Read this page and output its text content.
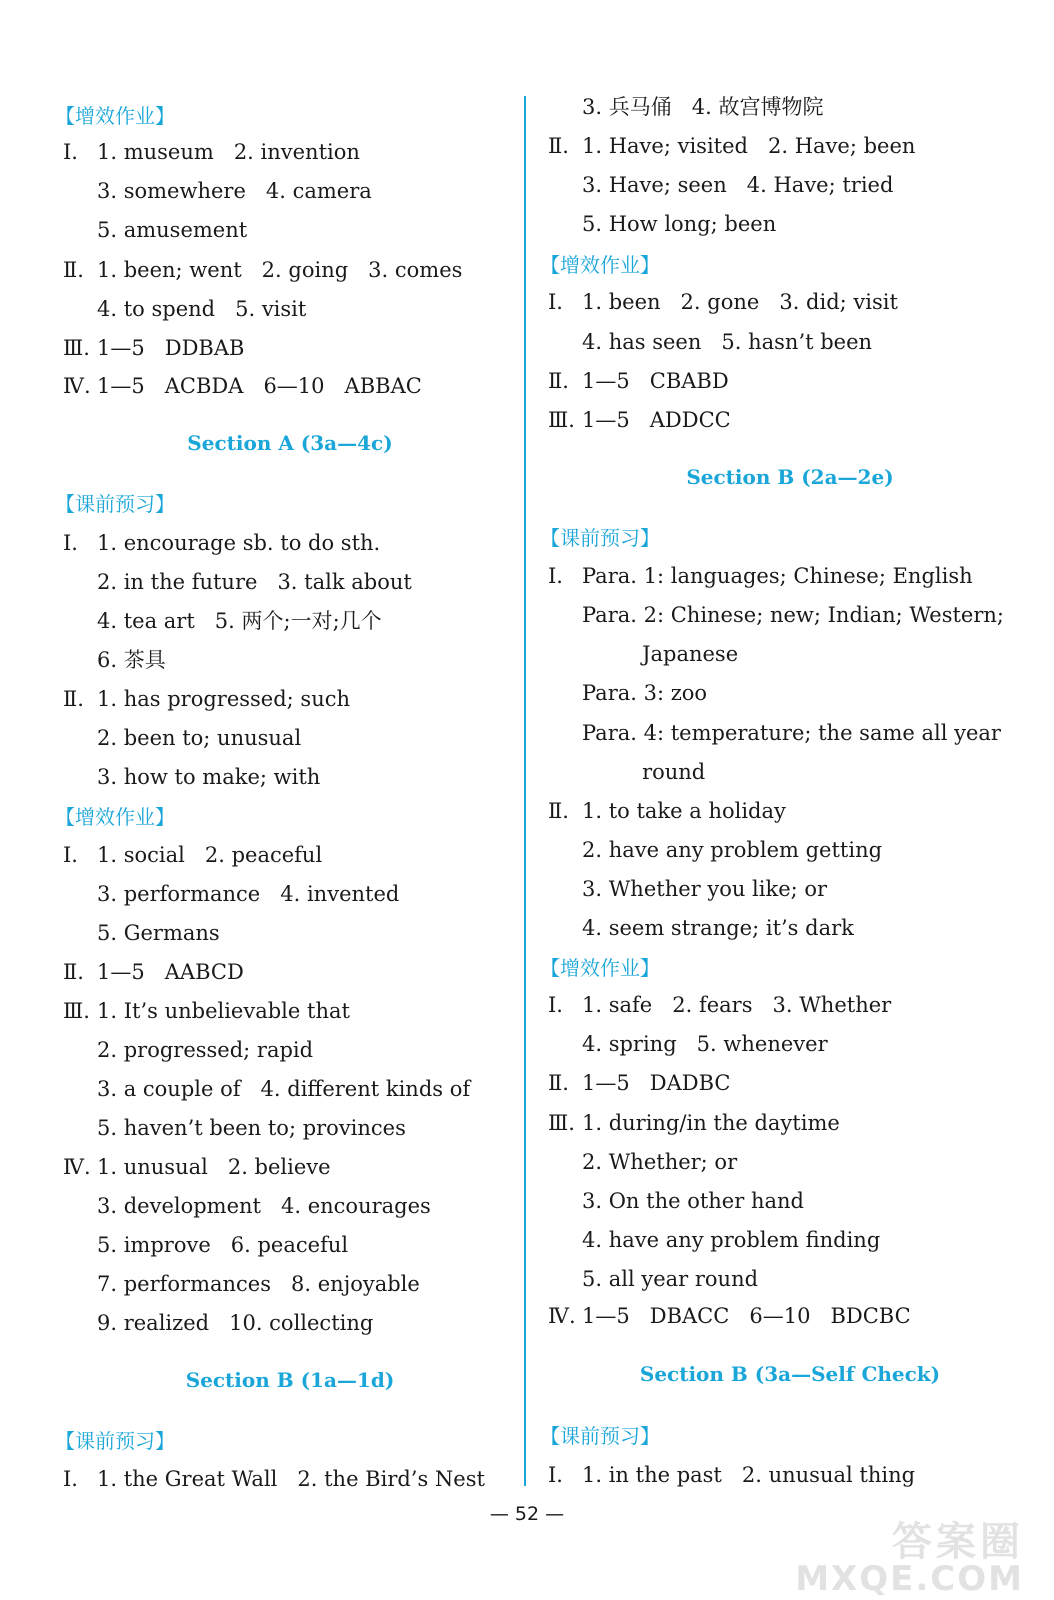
【增效作业】
Ⅰ. 1. museum   2. invention
3. somewhere   4. camera
5. amusement
Ⅱ. 1. been; went   2. going   3. comes
4. to spend   5. visit
Ⅲ. 1—5   DDBAB
Ⅳ. 1—5   ACBDA   6—10   ABBAC
Section A (3a—4c)
【课前预习】
Ⅰ. 1. encourage sb. to do sth.
2. in the future   3. talk about
4. tea art   5. 两个;一对;几个
6. 茶具
Ⅱ. 1. has progressed; such
2. been to; unusual
3. how to make; with
【增效作业】
Ⅰ. 1. social   2. peaceful
3. performance   4. invented
5. Germans
Ⅱ. 1—5   AABCD
Ⅲ. 1. It’s unbelievable that
2. progressed; rapid
3. a couple of   4. different kinds of
5. haven’t been to; provinces
Ⅳ. 1. unusual   2. believe
3. development   4. encourages
5. improve   6. peaceful
7. performances   8. enjoyable
9. realized   10. collecting
Section B (1a—1d)
【课前预习】
Ⅰ. 1. the Great Wall   2. the Bird’s Nest
3. 兵马俑   4. 故宫博物院
Ⅱ. 1. Have; visited   2. Have; been
3. Have; seen   4. Have; tried
5. How long; been
【增效作业】
Ⅰ. 1. been   2. gone   3. did; visit
4. has seen   5. hasn’t been
Ⅱ. 1—5   CBABD
Ⅲ. 1—5   ADDCC
Section B (2a—2e)
【课前预习】
Ⅰ. Para. 1: languages; Chinese; English
Para. 2: Chinese; new; Indian; Western;
Japanese
Para. 3: zoo
Para. 4: temperature; the same all year
round
Ⅱ. 1. to take a holiday
2. have any problem getting
3. Whether you like; or
4. seem strange; it’s dark
【增效作业】
Ⅰ. 1. safe   2. fears   3. Whether
4. spring   5. whenever
Ⅱ. 1—5   DADBC
Ⅲ. 1. during/in the daytime
2. Whether; or
3. On the other hand
4. have any problem finding
5. all year round
Ⅳ. 1—5   DBACC   6—10   BDCBC
Section B (3a—Self Check)
【课前预习】
Ⅰ. 1. in the past   2. unusual thing
— 52 —
答案圈
MXQE.COM
